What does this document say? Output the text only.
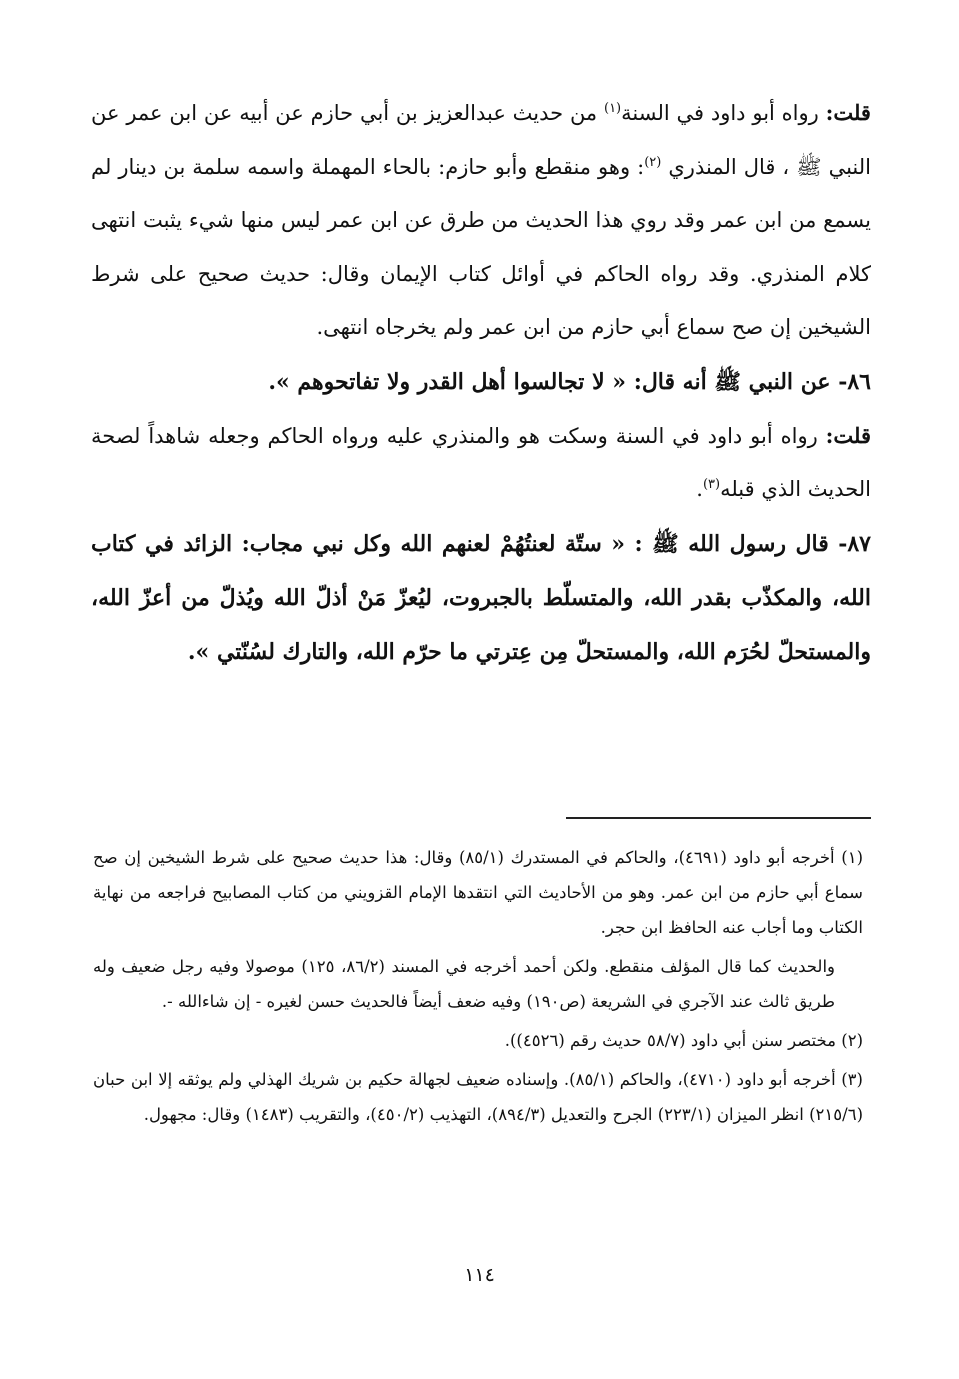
قلت: رواه أبو داود في السنة$^{(١)}$ من حديث عبدالعزيز بن أبي حازم عن أبيه عن ابن عمر عن النبي ﷺ ، قال المنذري $^{(٢)}$: وهو منقطع وأبو حازم: بالحاء المهملة واسمه سلمة بن دينار لم يسمع من ابن عمر وقد روي هذا الحديث من طرق عن ابن عمر ليس منها شيء يثبت انتهى كلام المنذري. وقد رواه الحاكم في أوائل كتاب الإيمان وقال: حديث صحيح على شرط الشيخين إن صح سماع أبي حازم من ابن عمر ولم يخرجاه انتهى.

٨٦- عن النبي ﷺ أنه قال: « لا تجالسوا أهل القدر ولا تفاتحوهم ».

قلت: رواه أبو داود في السنة وسكت هو والمنذري عليه ورواه الحاكم وجعله شاهداً لصحة الحديث الذي قبله$^{(٣)}$.

٨٧- قال رسول الله ﷺ : « ستّة لعنتُهُمْ لعنهم الله وكل نبي مجاب: الزائد في كتاب الله، والمكذّب بقدر الله، والمتسلّط بالجبروت، ليُعزّ مَنْ أذلّ الله ويُذلّ من أعزّ الله، والمستحلّ لحُرَم الله، والمستحلّ مِن عِترتي ما حرّم الله، والتارك لسُنّتي ».

(١) أخرجه أبو داود (٤٦٩١)، والحاكم في المستدرك (٨٥/١) وقال: هذا حديث صحيح على شرط الشيخين إن صح سماع أبي حازم من ابن عمر. وهو من الأحاديث التي انتقدها الإمام القزويني من كتاب المصابيح فراجعه من نهاية الكتاب وما أجاب عنه الحافظ ابن حجر.

والحديث كما قال المؤلف منقطع. ولكن أحمد أخرجه في المسند (٨٦/٢، ١٢٥) موصولا وفيه رجل ضعيف وله طريق ثالث عند الآجري في الشريعة (ص١٩٠) وفيه ضعف أيضاً فالحديث حسن لغيره - إن شاءالله -.

(٢) مختصر سنن أبي داود (٥٨/٧ حديث رقم (٤٥٢٦)).

(٣) أخرجه أبو داود (٤٧١٠)، والحاكم (٨٥/١). وإسناده ضعيف لجهالة حكيم بن شريك الهذلي ولم يوثقه إلا ابن حبان (٢١٥/٦) انظر الميزان (٢٢٣/١) الجرح والتعديل (٨٩٤/٣)، التهذيب (٤٥٠/٢)، والتقريب (١٤٨٣) وقال: مجهول.

١١٤
